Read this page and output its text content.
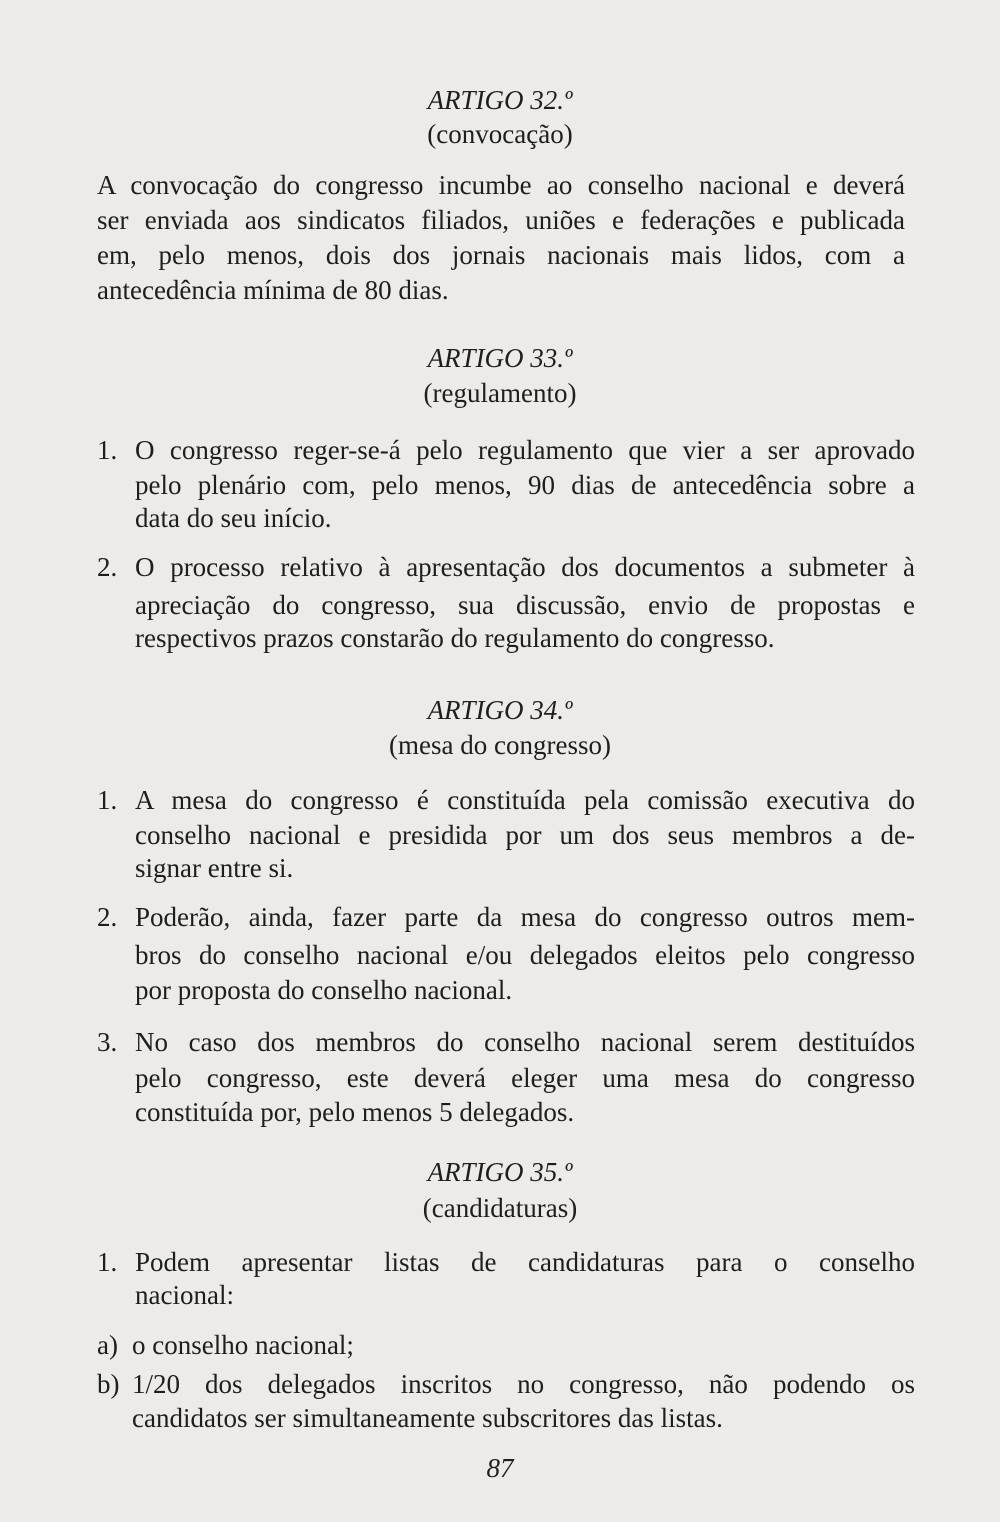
ARTIGO 32.º
(convocação)
A convocação do congresso incumbe ao conselho nacional e deverá
ser enviada aos sindicatos filiados, uniões e federações e publicada
em, pelo menos, dois dos jornais nacionais mais lidos, com a
antecedência mínima de 80 dias.
ARTIGO 33.º
(regulamento)
1. O congresso reger-se-á pelo regulamento que vier a ser aprovado
pelo plenário com, pelo menos, 90 dias de antecedência sobre a
data do seu início.
2. O processo relativo à apresentação dos documentos a submeter à
apreciação do congresso, sua discussão, envio de propostas e
respectivos prazos constarão do regulamento do congresso.
ARTIGO 34.º
(mesa do congresso)
1. A mesa do congresso é constituída pela comissão executiva do
conselho nacional e presidida por um dos seus membros a de-
signar entre si.
2. Poderão, ainda, fazer parte da mesa do congresso outros mem-
bros do conselho nacional e/ou delegados eleitos pelo congresso
por proposta do conselho nacional.
3. No caso dos membros do conselho nacional serem destituídos
pelo congresso, este deverá eleger uma mesa do congresso
constituída por, pelo menos 5 delegados.
ARTIGO 35.º
(candidaturas)
1. Podem apresentar listas de candidaturas para o conselho
nacional:
a) o conselho nacional;
b) 1/20 dos delegados inscritos no congresso, não podendo os
candidatos ser simultaneamente subscritores das listas.
87
